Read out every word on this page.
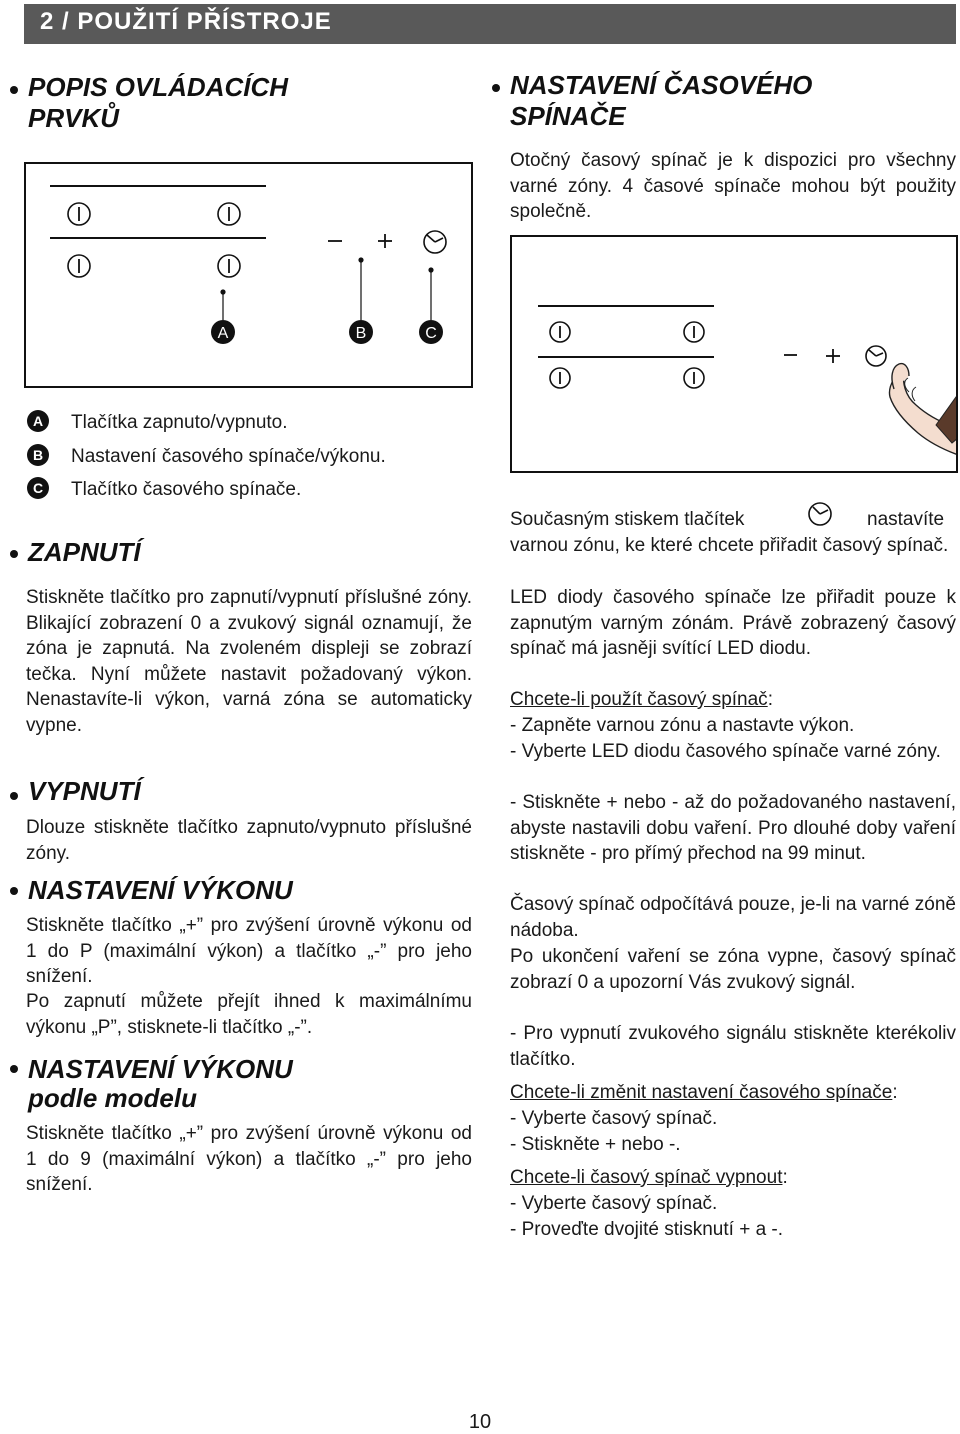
2 / POUŽITÍ PŘÍSTROJE

POPIS OVLÁDACÍCH

PRVKŮ

A	B	C
A	Tlačítka zapnuto/vypnuto.

B	Nastavení časového spínače/výkonu.

C	Tlačítko časového spínače.

ZAPNUTÍ

Stiskněte tlačítko pro zapnutí/vypnutí příslušné zóny. Blikající zobrazení 0 a zvukový signál oznamují, že zóna je zapnutá. Na zvoleném displeji se zobrazí tečka. Nyní můžete nastavit požadovaný výkon. Nenastavíte-li výkon, varná zóna se automaticky vypne.

VYPNUTÍ

Dlouze stiskněte tlačítko zapnuto/vypnuto příslušné zóny.

NASTAVENÍ VÝKONU

Stiskněte tlačítko „+” pro zvýšení úrovně výkonu od 1 do P (maximální výkon) a tlačítko „-” pro jeho snížení.

Po zapnutí můžete přejít ihned k maximálnímu výkonu „P”, stisknete-li tlačítko „-”.

NASTAVENÍ VÝKONU

podle modelu

Stiskněte tlačítko „+” pro zvýšení úrovně výkonu od 1 do 9 (maximální výkon) a tlačítko „-” pro jeho snížení.

NASTAVENÍ ČASOVÉHO

SPÍNAČE

Otočný časový spínač je k dispozici pro všechny varné zóny. 4 časové spínače mohou být použity společně.

Současným stiskem tlačítek	nastavíte varnou zónu, ke které chcete přiřadit časový spínač.

LED diody časového spínače lze přiřadit pouze k zapnutým varným zónám. Právě zobrazený časový spínač má jasněji svítící LED diodu.

Chcete-li použít časový spínač:

- Zapněte varnou zónu a nastavte výkon.

- Vyberte LED diodu časového spínače varné zóny.

- Stiskněte + nebo - až do požadovaného nastavení, abyste nastavili dobu vaření. Pro dlouhé doby vaření stiskněte - pro přímý přechod na 99 minut.

Časový spínač odpočítává pouze, je-li na varné zóně nádoba.

Po ukončení vaření se zóna vypne, časový spínač zobrazí 0 a upozorní Vás zvukový signál.

- Pro vypnutí zvukového signálu stiskněte kterékoliv tlačítko.

Chcete-li změnit nastavení časového spínače:

- Vyberte časový spínač.

- Stiskněte + nebo -.

Chcete-li časový spínač vypnout:

- Vyberte časový spínač.

- Proveďte dvojité stisknutí + a -.

10
